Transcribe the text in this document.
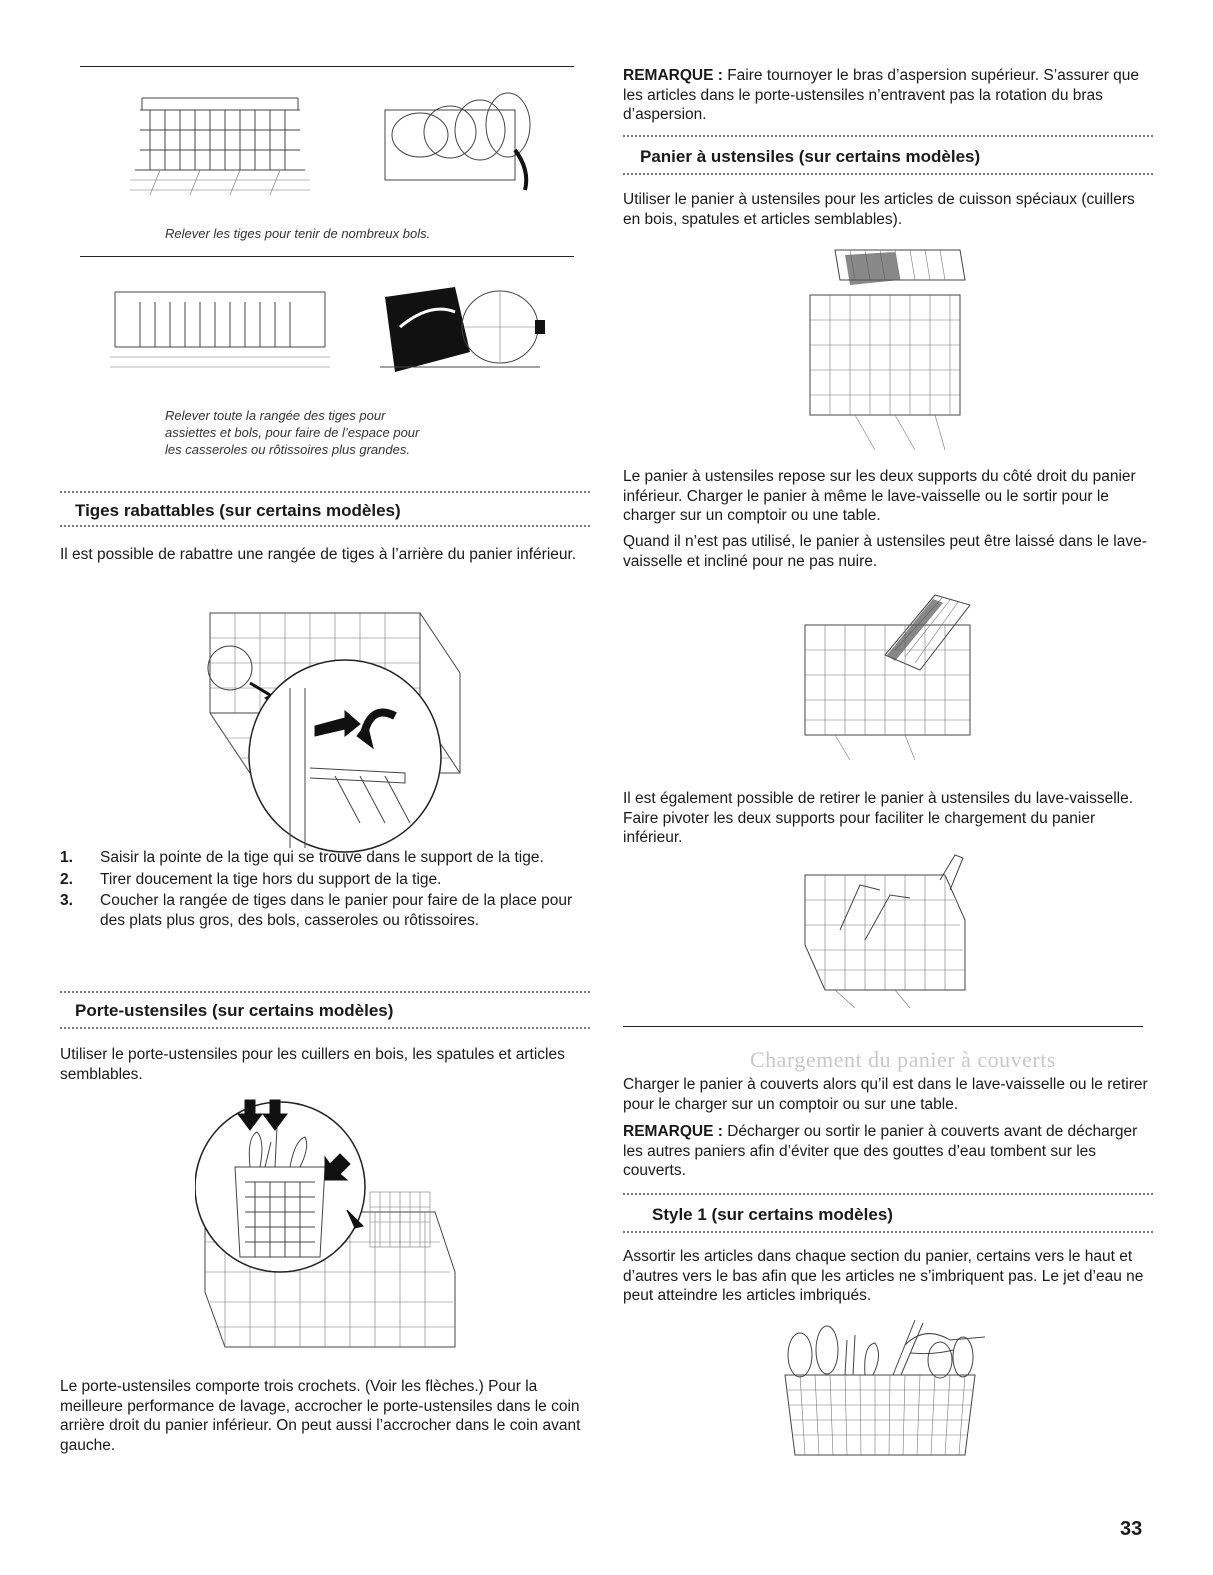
Relever les tiges pour tenir de nombreux bols.
Relever toute la rangée des tiges pour
assiettes et bols, pour faire de l’espace pour
les casseroles ou rôtissoires plus grandes.
Tiges rabattables (sur certains modèles)
Il est possible de rabattre une rangée de tiges à l’arrière du panier inférieur.
1. Saisir la pointe de la tige qui se trouve dans le support de la tige.
2. Tirer doucement la tige hors du support de la tige.
3. Coucher la rangée de tiges dans le panier pour faire de la place pour des plats plus gros, des bols, casseroles ou rôtissoires.
Porte-ustensiles (sur certains modèles)
Utiliser le porte-ustensiles pour les cuillers en bois, les spatules et articles semblables.
Le porte-ustensiles comporte trois crochets. (Voir les flèches.) Pour la meilleure performance de lavage, accrocher le porte-ustensiles dans le coin arrière droit du panier inférieur. On peut aussi l’accrocher dans le coin avant gauche.
REMARQUE : Faire tournoyer le bras d’aspersion supérieur. S’assurer que les articles dans le porte-ustensiles n’entravent pas la rotation du bras d’aspersion.
Panier à ustensiles (sur certains modèles)
Utiliser le panier à ustensiles pour les articles de cuisson spéciaux (cuillers en bois, spatules et articles semblables).
Le panier à ustensiles repose sur les deux supports du côté droit du panier inférieur. Charger le panier à même le lave-vaisselle ou le sortir pour le charger sur un comptoir ou une table.
Quand il n’est pas utilisé, le panier à ustensiles peut être laissé dans le lave-vaisselle et incliné pour ne pas nuire.
Il est également possible de retirer le panier à ustensiles du lave-vaisselle. Faire pivoter les deux supports pour faciliter le chargement du panier inférieur.
Chargement du panier à couverts
Charger le panier à couverts alors qu’il est dans le lave-vaisselle ou le retirer pour le charger sur un comptoir ou sur une table.
REMARQUE : Décharger ou sortir le panier à couverts avant de décharger les autres paniers afin d’éviter que des gouttes d’eau tombent sur les couverts.
Style 1 (sur certains modèles)
Assortir les articles dans chaque section du panier, certains vers le haut et d’autres vers le bas afin que les articles ne s’imbriquent pas. Le jet d’eau ne peut atteindre les articles imbriqués.
33
